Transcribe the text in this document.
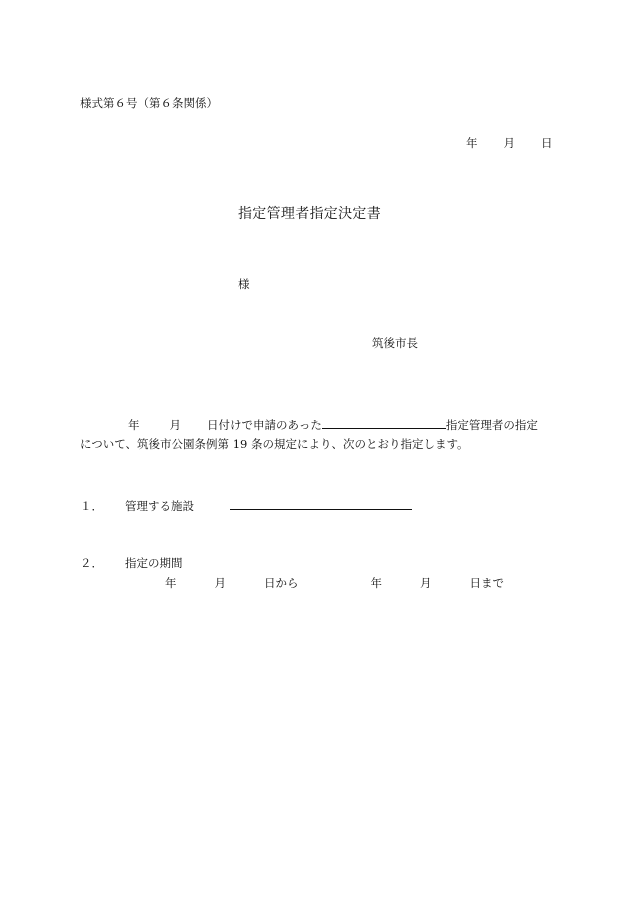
様式第６号（第６条関係）
年 月 日
指定管理者指定決定書
様
筑後市長
年	月 日付けで申請のあった	指定管理者の指定
について、筑後市公園条例第 19 条の規定により、次のとおり指定します。
１． 管理する施設
２． 指定の期間
年	月	日から	年	月	日まで
